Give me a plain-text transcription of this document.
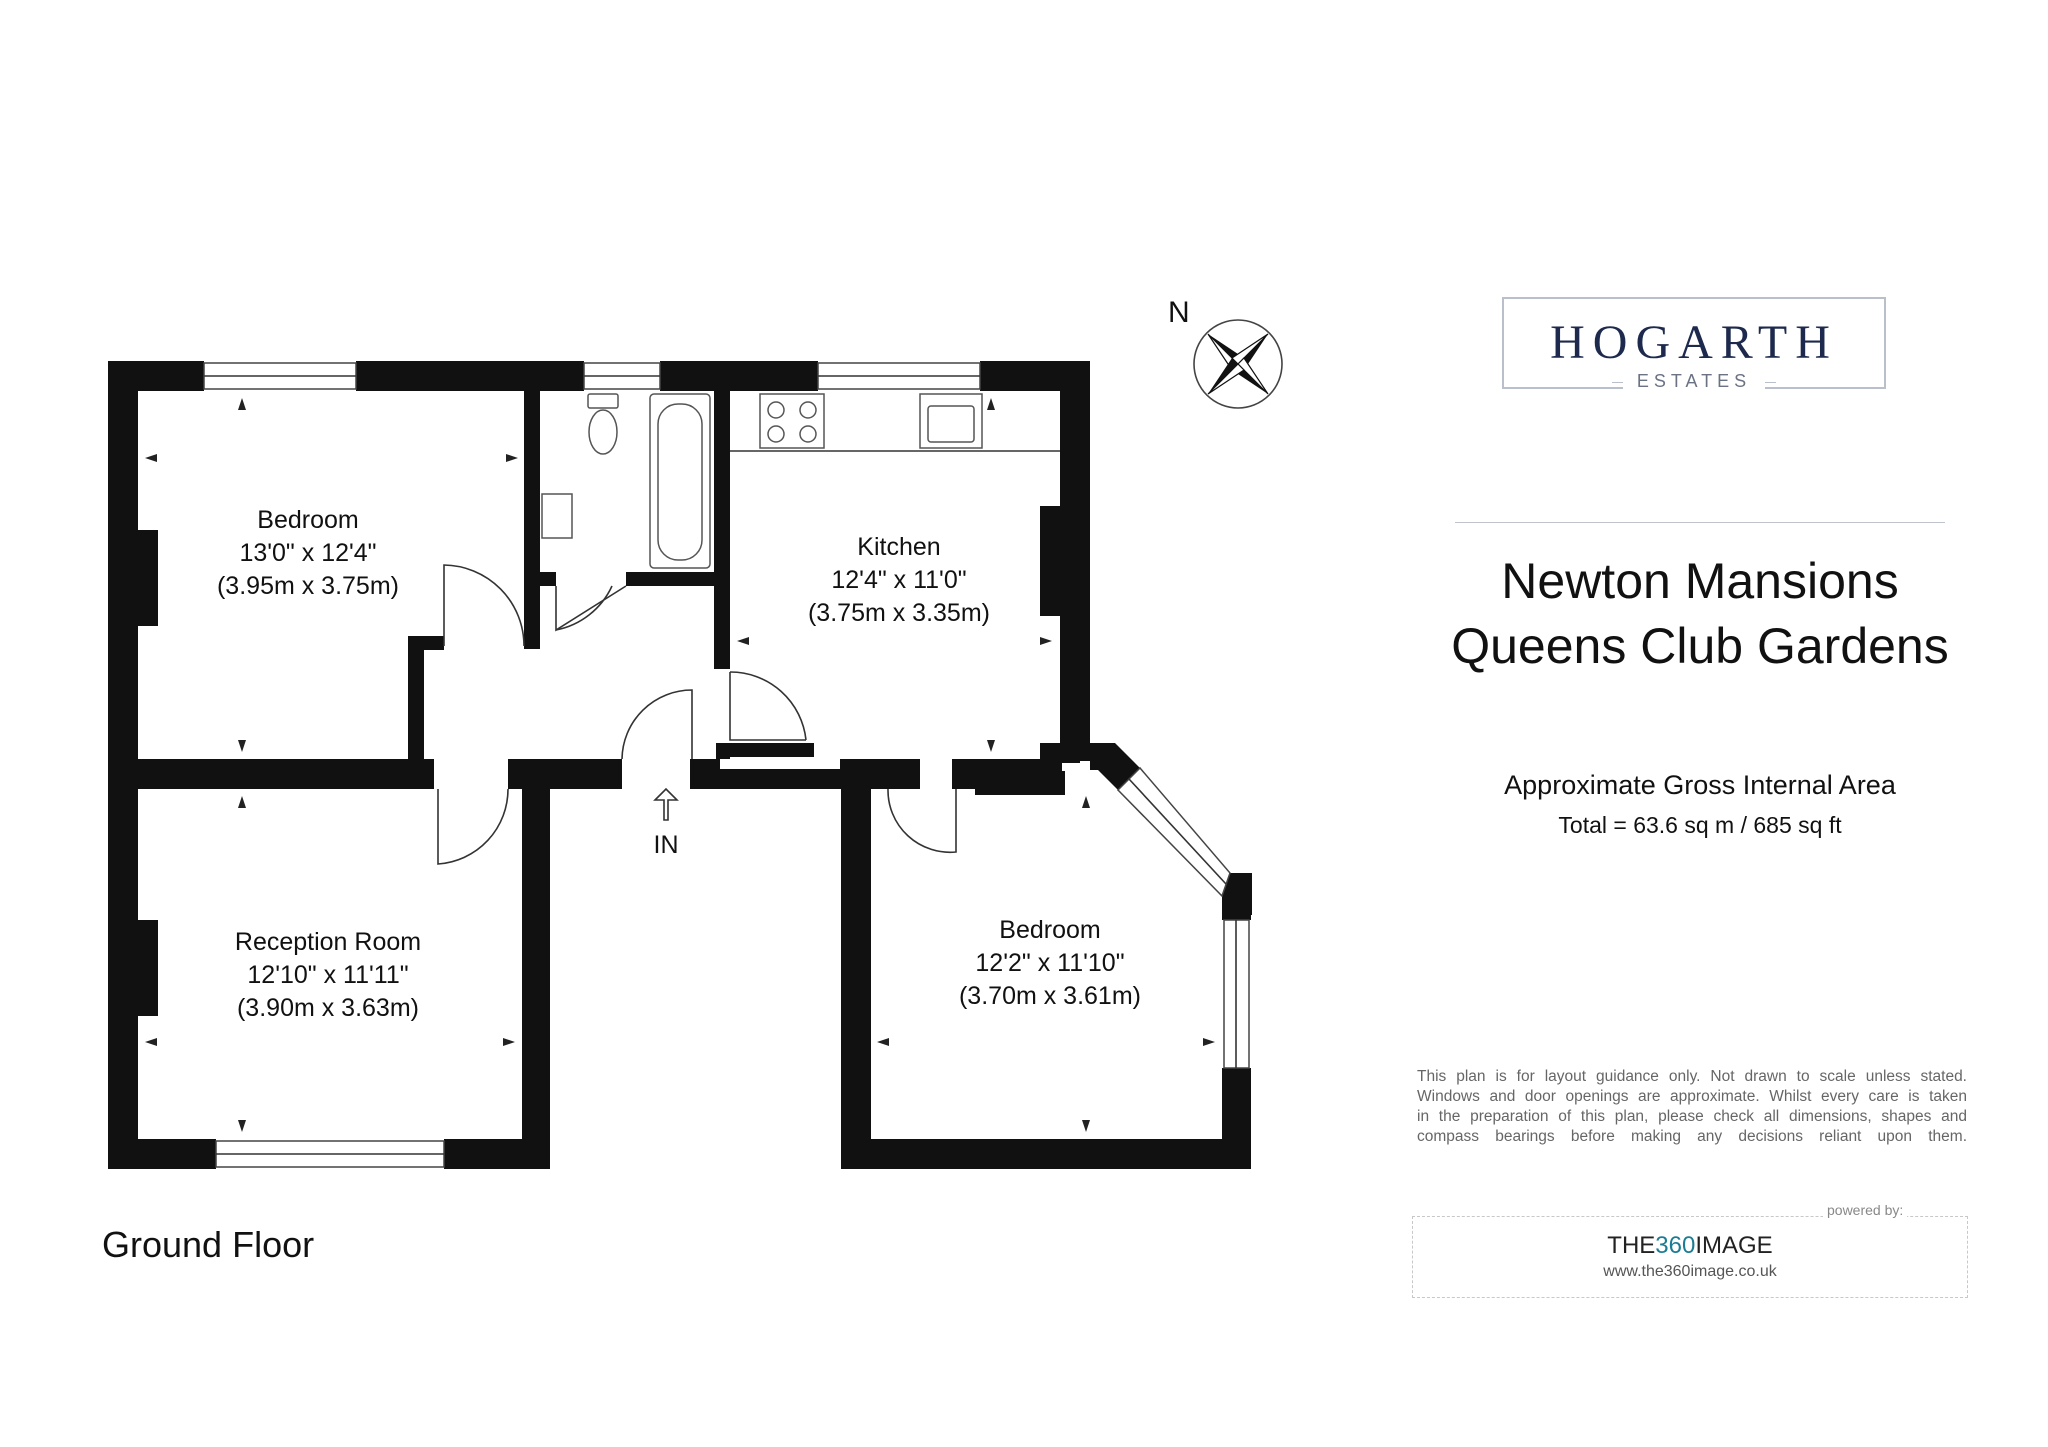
Bedroom
13'0" x 12'4"
(3.95m x 3.75m)
Kitchen
12'4" x 11'0"
(3.75m x 3.35m)
Reception Room
12'10" x 11'11"
(3.90m x 3.63m)
Bedroom
12'2" x 11'10"
(3.70m x 3.61m)
IN
N
HOGARTH
ESTATES
Newton Mansions
Queens Club Gardens
Approximate Gross Internal Area
Total = 63.6 sq m / 685 sq ft
This plan is for layout guidance only. Not drawn to scale unless stated.
Windows and door openings are approximate. Whilst every care is taken
in the preparation of this plan, please check all dimensions, shapes and
compass bearings before making any decisions reliant upon them.
Ground Floor
powered by:
THE360IMAGE
www.the360image.co.uk
